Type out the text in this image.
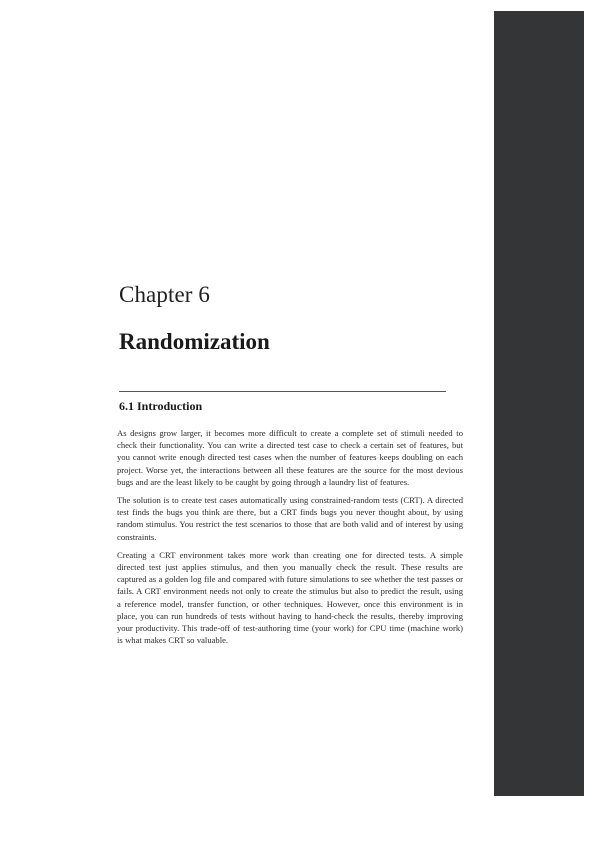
Chapter 6
Randomization
6.1 Introduction

As designs grow larger, it becomes more difficult to create a complete set of stimuli needed to check their functionality. You can write a directed test case to check a certain set of features, but you cannot write enough directed test cases when the number of features keeps doubling on each project. Worse yet, the interactions between all these features are the source for the most devious bugs and are the least likely to be caught by going through a laundry list of features.

The solution is to create test cases automatically using constrained-random tests (CRT). A directed test finds the bugs you think are there, but a CRT finds bugs you never thought about, by using random stimulus. You restrict the test scenarios to those that are both valid and of interest by using constraints.

Creating a CRT environment takes more work than creating one for directed tests. A simple directed test just applies stimulus, and then you manually check the result. These results are captured as a golden log file and compared with future simulations to see whether the test passes or fails. A CRT environment needs not only to create the stimulus but also to predict the result, using a reference model, transfer function, or other techniques. However, once this environment is in place, you can run hundreds of tests without having to hand-check the results, thereby improving your productivity. This trade-off of test-authoring time (your work) for CPU time (machine work) is what makes CRT so valuable.
